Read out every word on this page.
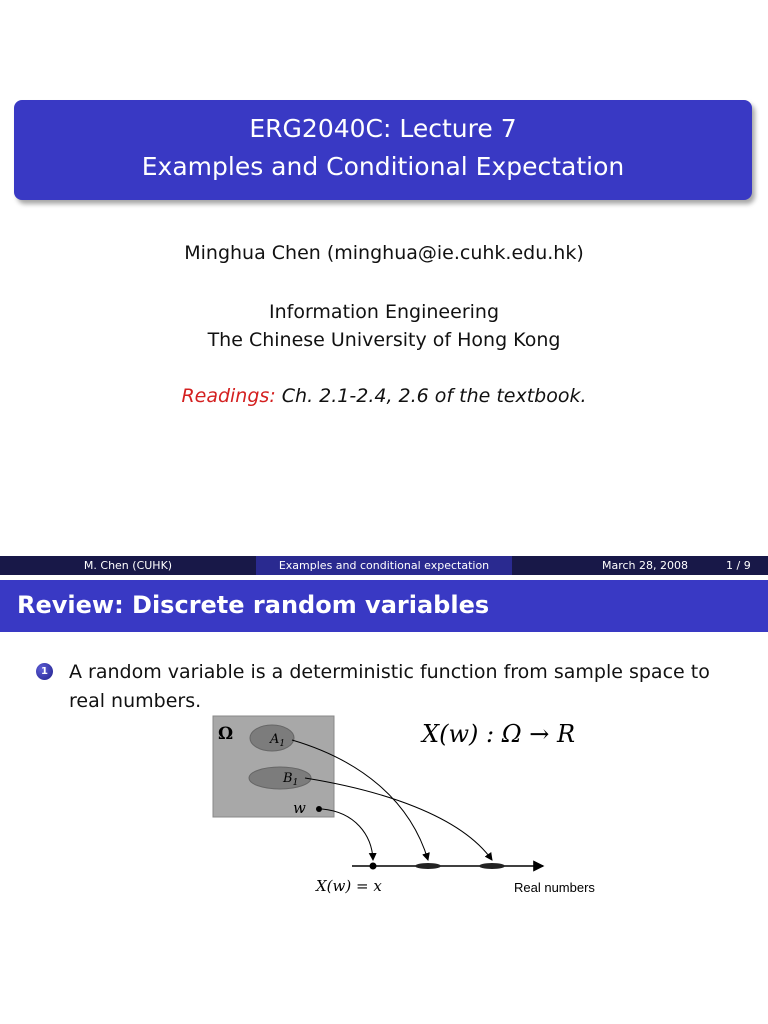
ERG2040C: Lecture 7
Examples and Conditional Expectation
Minghua Chen (minghua@ie.cuhk.edu.hk)
Information Engineering
The Chinese University of Hong Kong
Readings: Ch. 2.1-2.4, 2.6 of the textbook.
M. Chen (CUHK)	Examples and conditional expectation	March 28, 2008	1 / 9
Review: Discrete random variables
1 A random variable is a deterministic function from sample space to real numbers.
Ω	$A_1$
$B_1$
w
X(w) : Ω → R
X(w) = x	Real numbers
